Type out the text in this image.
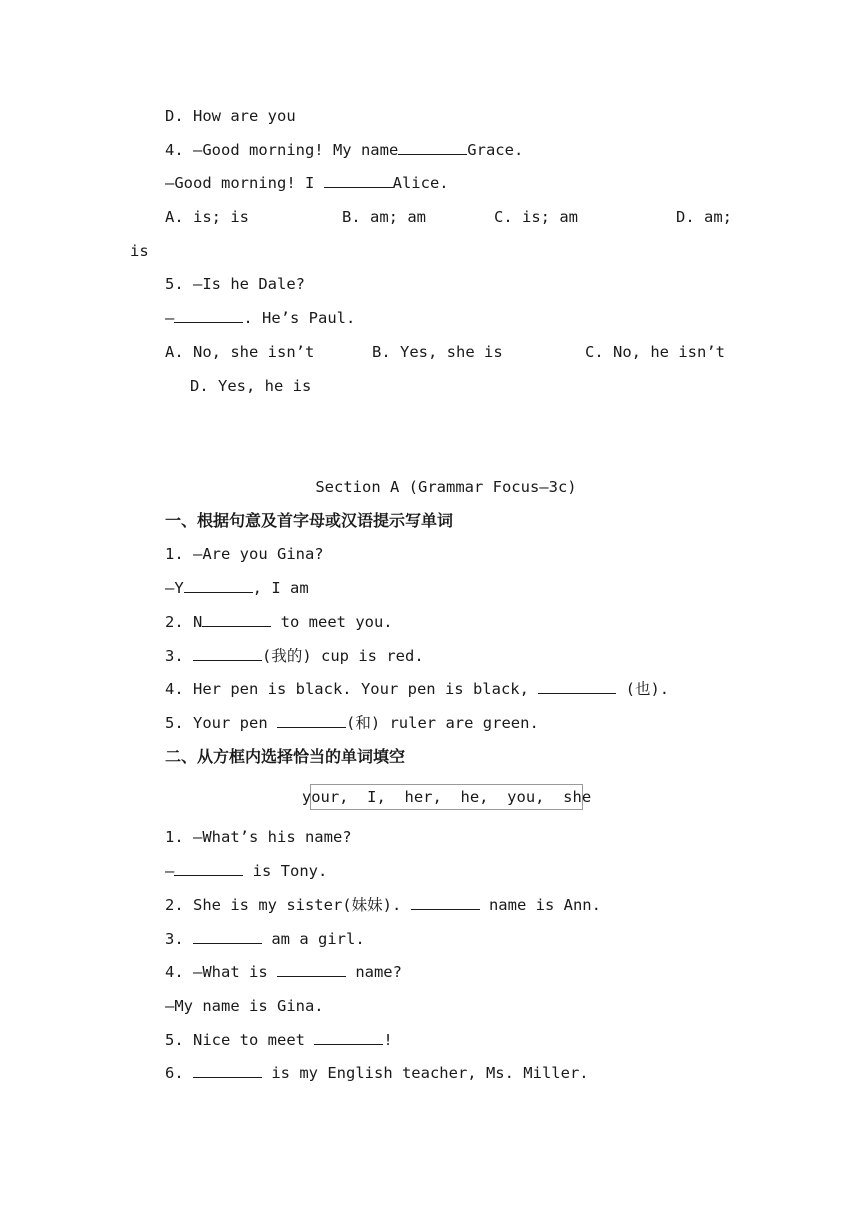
D. How are you
4. —Good morning! My name	Grace.
—Good morning! I	Alice.
A. is; is	B. am; am	C. is; am	D. am;
is
5. —Is he Dale?
—	. He’s Paul.
A. No, she isn’t	B. Yes, she is	C. No, he isn’t
D. Yes, he is
Section A (Grammar Focus—3c)
一、根据句意及首字母或汉语提示写单词
1. —Are you Gina?
—Y	, I am
2. N	to meet you.
3.	(我的) cup is red.
4. Her pen is black. Your pen is black,	(也).
5. Your pen	(和) ruler are green.
二、从方框内选择恰当的单词填空
your,  I,  her,  he,  you,  she
1. —What’s his name?
—	is Tony.
2. She is my sister(妹妹).	name is Ann.
3.	am a girl.
4. —What is	name?
—My name is Gina.
5. Nice to meet	!
6.	is my English teacher, Ms. Miller.
